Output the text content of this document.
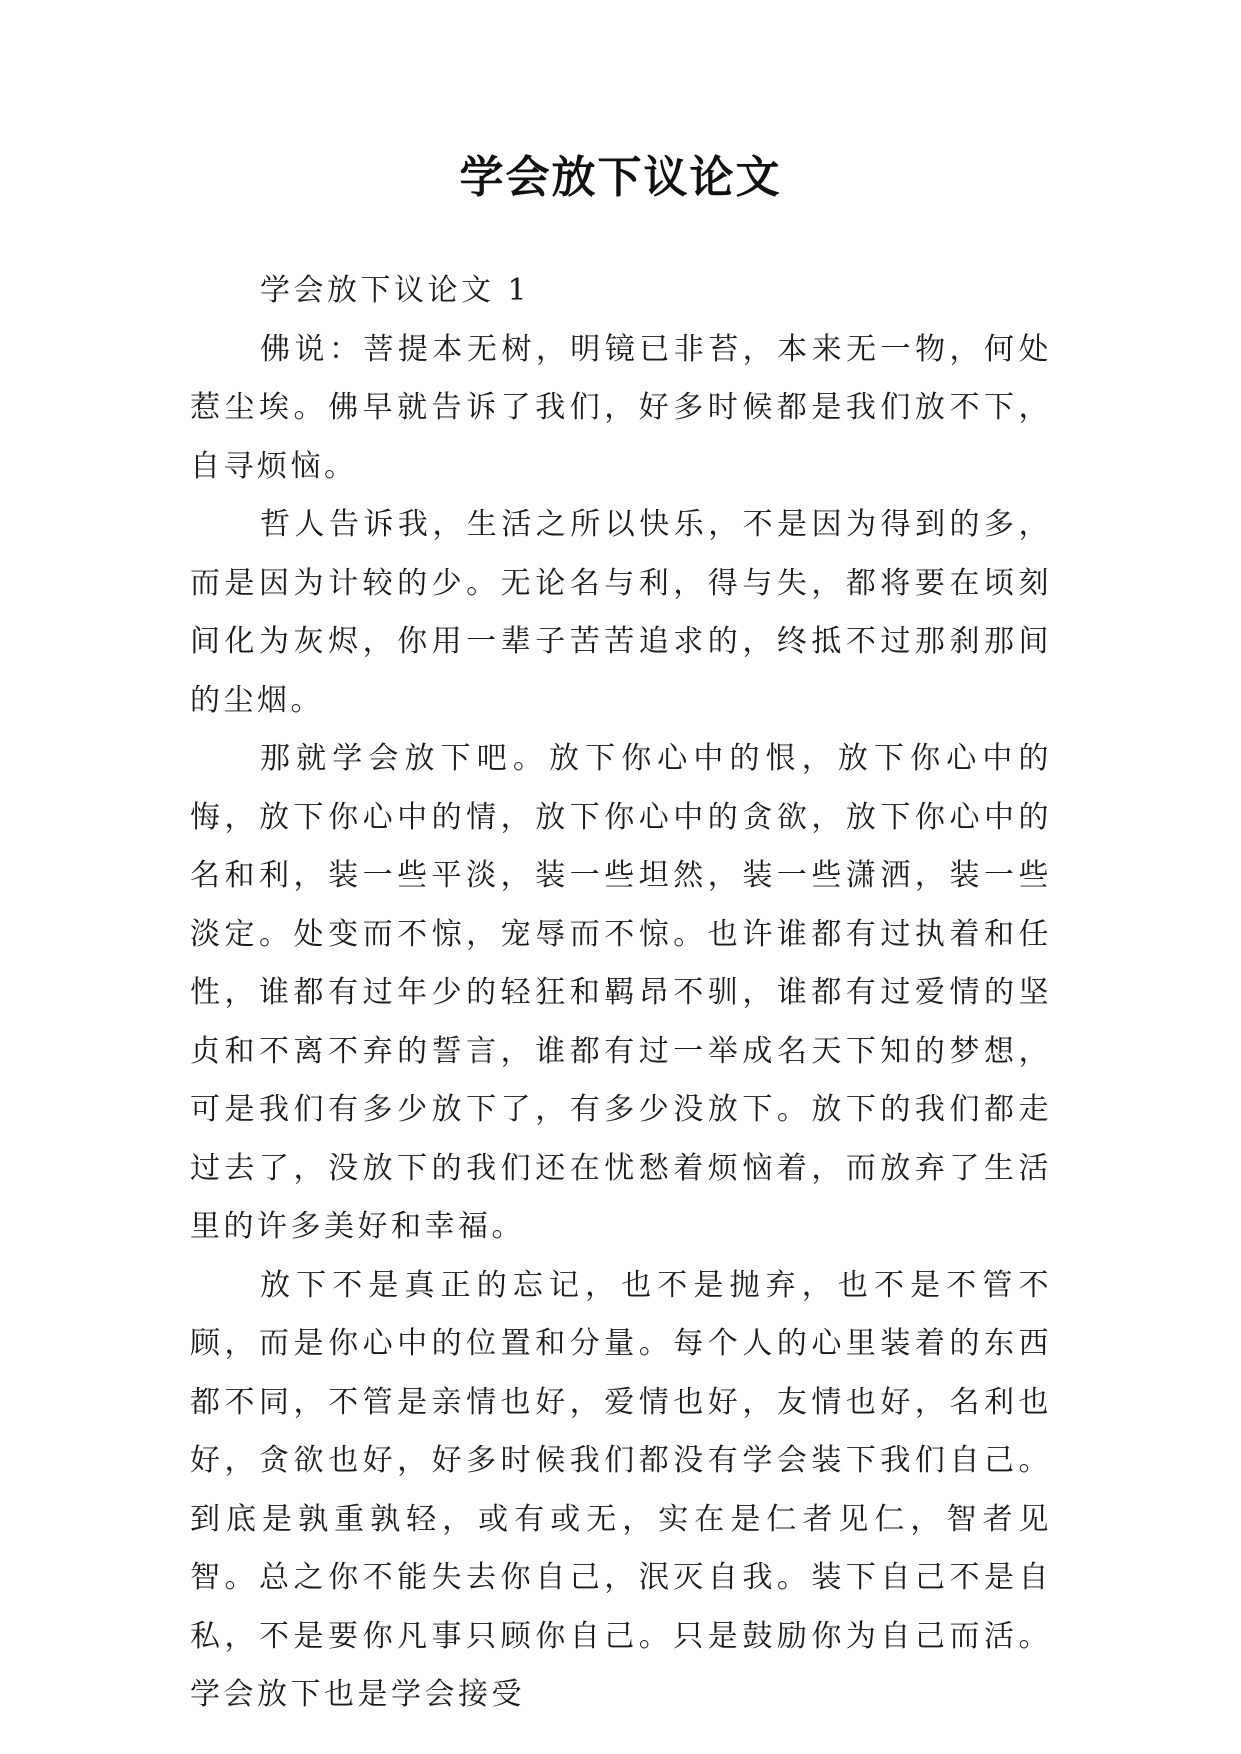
学会放下议论文

学会放下议论文 1

佛说：菩提本无树，明镜已非苔，本来无一物，何处惹尘埃。佛早就告诉了我们，好多时候都是我们放不下，自寻烦恼。

哲人告诉我，生活之所以快乐，不是因为得到的多，而是因为计较的少。无论名与利，得与失，都将要在顷刻间化为灰烬，你用一辈子苦苦追求的，终抵不过那刹那间的尘烟。

那就学会放下吧。放下你心中的恨，放下你心中的悔，放下你心中的情，放下你心中的贪欲，放下你心中的名和利，装一些平淡，装一些坦然，装一些潇洒，装一些淡定。处变而不惊，宠辱而不惊。也许谁都有过执着和任性，谁都有过年少的轻狂和羁昂不驯，谁都有过爱情的坚贞和不离不弃的誓言，谁都有过一举成名天下知的梦想，可是我们有多少放下了，有多少没放下。放下的我们都走过去了，没放下的我们还在忧愁着烦恼着，而放弃了生活里的许多美好和幸福。

放下不是真正的忘记，也不是抛弃，也不是不管不顾，而是你心中的位置和分量。每个人的心里装着的东西都不同，不管是亲情也好，爱情也好，友情也好，名利也好，贪欲也好，好多时候我们都没有学会装下我们自己。到底是孰重孰轻，或有或无，实在是仁者见仁，智者见智。总之你不能失去你自己，泯灭自我。装下自己不是自私，不是要你凡事只顾你自己。只是鼓励你为自己而活。学会放下也是学会接受
